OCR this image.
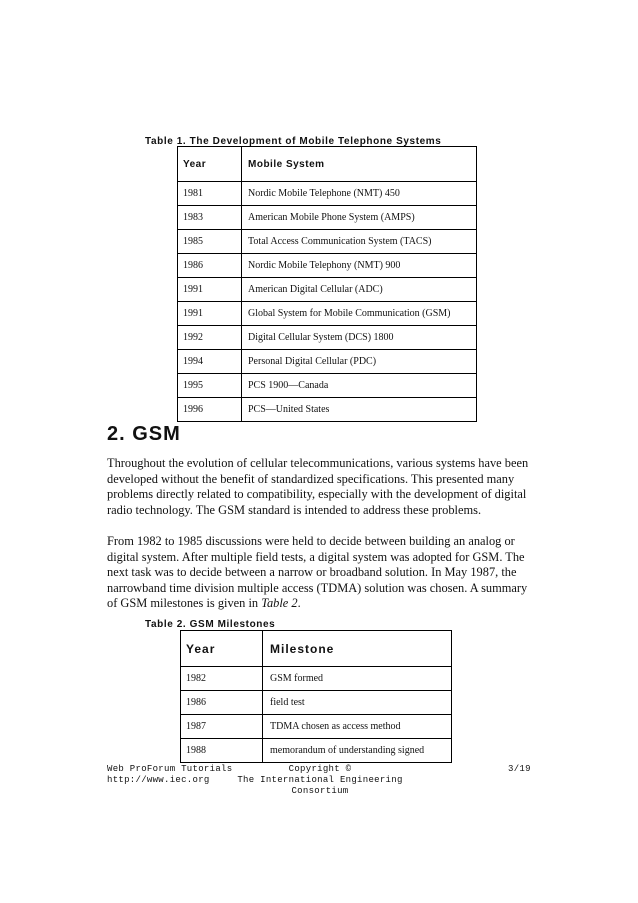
Table 1. The Development of Mobile Telephone Systems
Year	Mobile System
1981	Nordic Mobile Telephone (NMT) 450
1983	American Mobile Phone System (AMPS)
1985	Total Access Communication System (TACS)
1986	Nordic Mobile Telephony (NMT) 900
1991	American Digital Cellular (ADC)
1991	Global System for Mobile Communication (GSM)
1992	Digital Cellular System (DCS) 1800
1994	Personal Digital Cellular (PDC)
1995	PCS 1900—Canada
1996	PCS—United States
2. GSM

Throughout the evolution of cellular telecommunications, various systems have been developed without the benefit of standardized specifications. This presented many problems directly related to compatibility, especially with the development of digital radio technology. The GSM standard is intended to address these problems.

From 1982 to 1985 discussions were held to decide between building an analog or digital system. After multiple field tests, a digital system was adopted for GSM. The next task was to decide between a narrow or broadband solution. In May 1987, the narrowband time division multiple access (TDMA) solution was chosen. A summary of GSM milestones is given in Table 2.

Table 2. GSM Milestones
Year	Milestone
1982	GSM formed
1986	field test
1987	TDMA chosen as access method
1988	memorandum of understanding signed
Web ProForum Tutorials
http://www.iec.org
Copyright ©
The International Engineering Consortium
3/19
